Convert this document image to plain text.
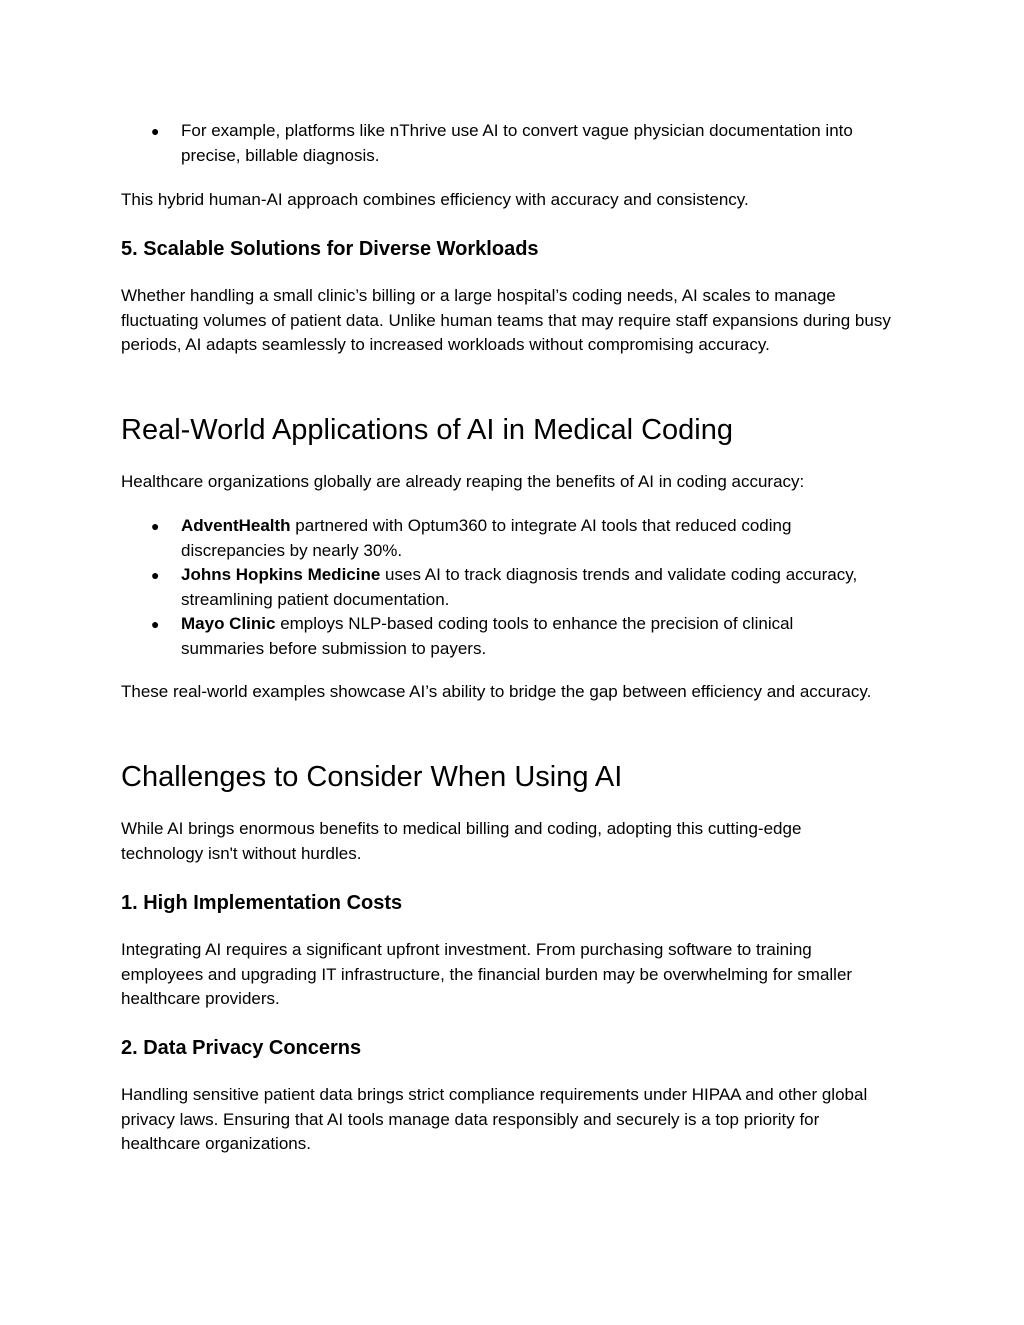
● For example, platforms like nThrive use AI to convert vague physician documentation into precise, billable diagnosis.

This hybrid human-AI approach combines efficiency with accuracy and consistency.

5. Scalable Solutions for Diverse Workloads

Whether handling a small clinic’s billing or a large hospital’s coding needs, AI scales to manage fluctuating volumes of patient data. Unlike human teams that may require staff expansions during busy periods, AI adapts seamlessly to increased workloads without compromising accuracy.

Real-World Applications of AI in Medical Coding

Healthcare organizations globally are already reaping the benefits of AI in coding accuracy:

● AdventHealth partnered with Optum360 to integrate AI tools that reduced coding discrepancies by nearly 30%.
● Johns Hopkins Medicine uses AI to track diagnosis trends and validate coding accuracy, streamlining patient documentation.
● Mayo Clinic employs NLP-based coding tools to enhance the precision of clinical summaries before submission to payers.

These real-world examples showcase AI’s ability to bridge the gap between efficiency and accuracy.

Challenges to Consider When Using AI

While AI brings enormous benefits to medical billing and coding, adopting this cutting-edge technology isn't without hurdles.

1. High Implementation Costs

Integrating AI requires a significant upfront investment. From purchasing software to training employees and upgrading IT infrastructure, the financial burden may be overwhelming for smaller healthcare providers.

2. Data Privacy Concerns

Handling sensitive patient data brings strict compliance requirements under HIPAA and other global privacy laws. Ensuring that AI tools manage data responsibly and securely is a top priority for healthcare organizations.
